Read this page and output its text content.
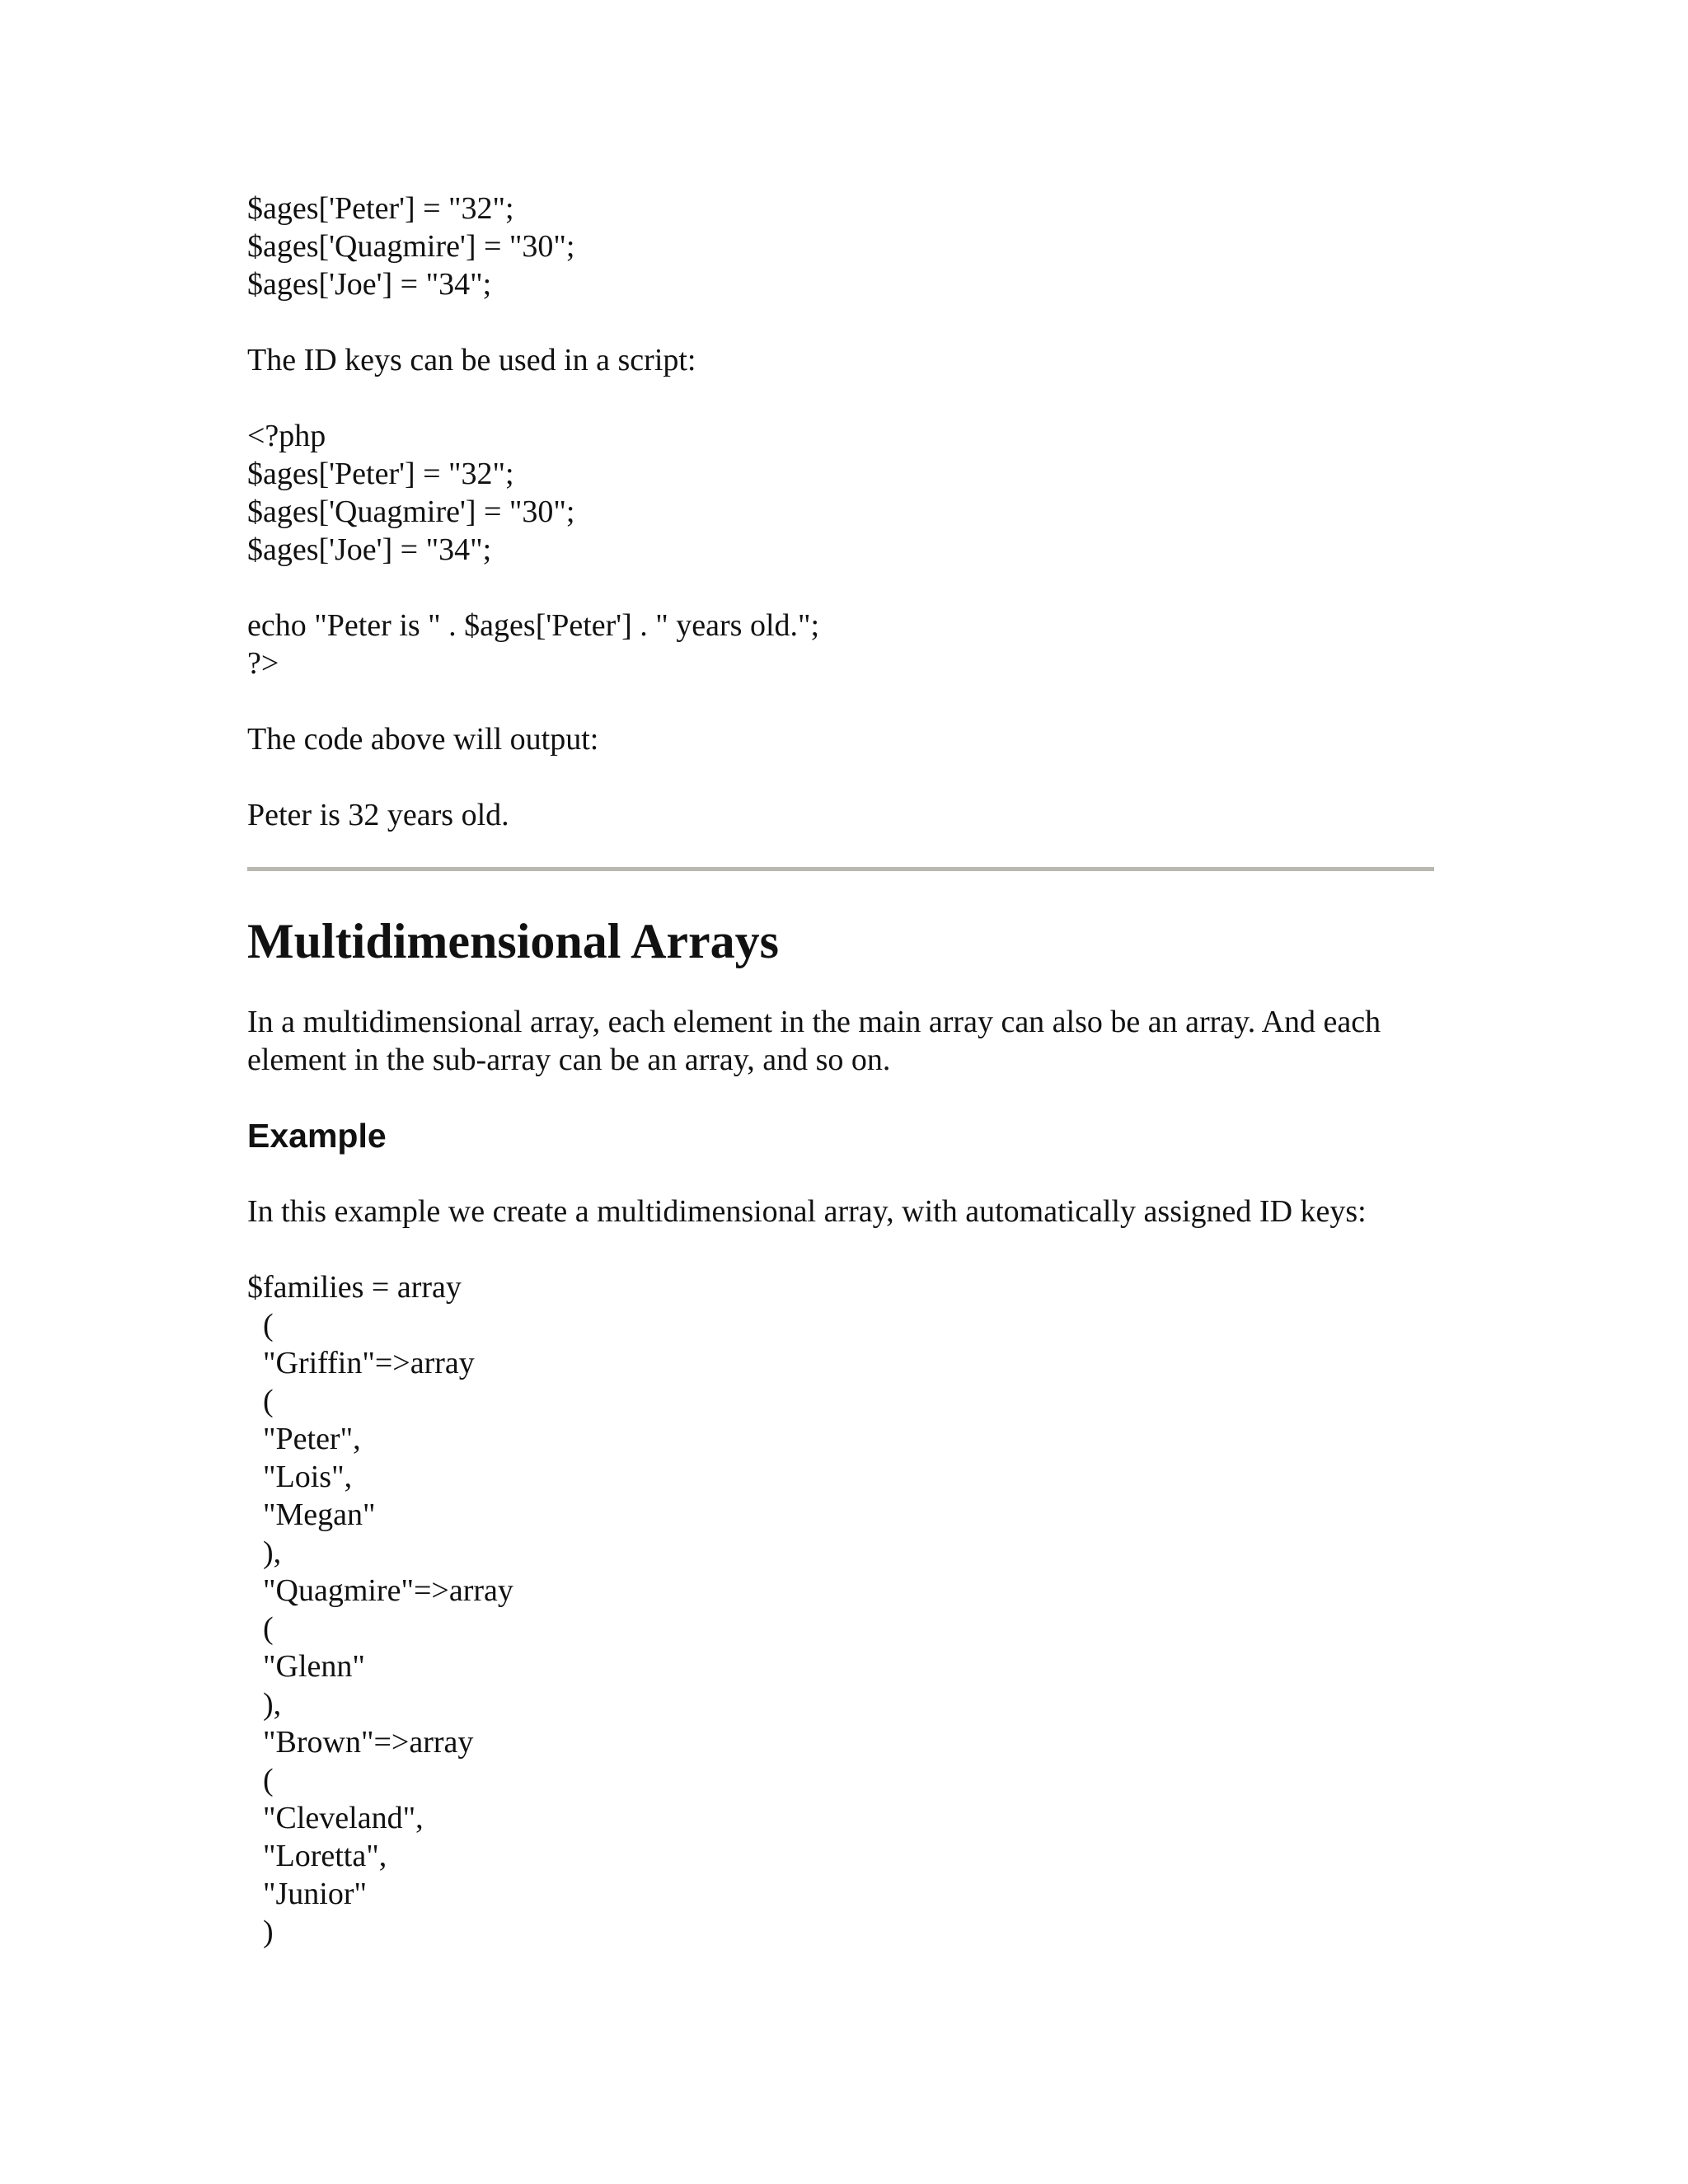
$ages['Peter'] = "32";

$ages['Quagmire'] = "30";

$ages['Joe'] = "34";

The ID keys can be used in a script:

<?php

$ages['Peter'] = "32";

$ages['Quagmire'] = "30";

$ages['Joe'] = "34";

echo "Peter is " . $ages['Peter'] . " years old.";

?>

The code above will output:

Peter is 32 years old.

Multidimensional Arrays

In a multidimensional array, each element in the main array can also be an array. And each element in the sub-array can be an array, and so on.

Example

In this example we create a multidimensional array, with automatically assigned ID keys:

$families = array

(

"Griffin"=>array

(

"Peter",

"Lois",

"Megan"

),

"Quagmire"=>array

(

"Glenn"

),

"Brown"=>array

(

"Cleveland",

"Loretta",

"Junior"

)
